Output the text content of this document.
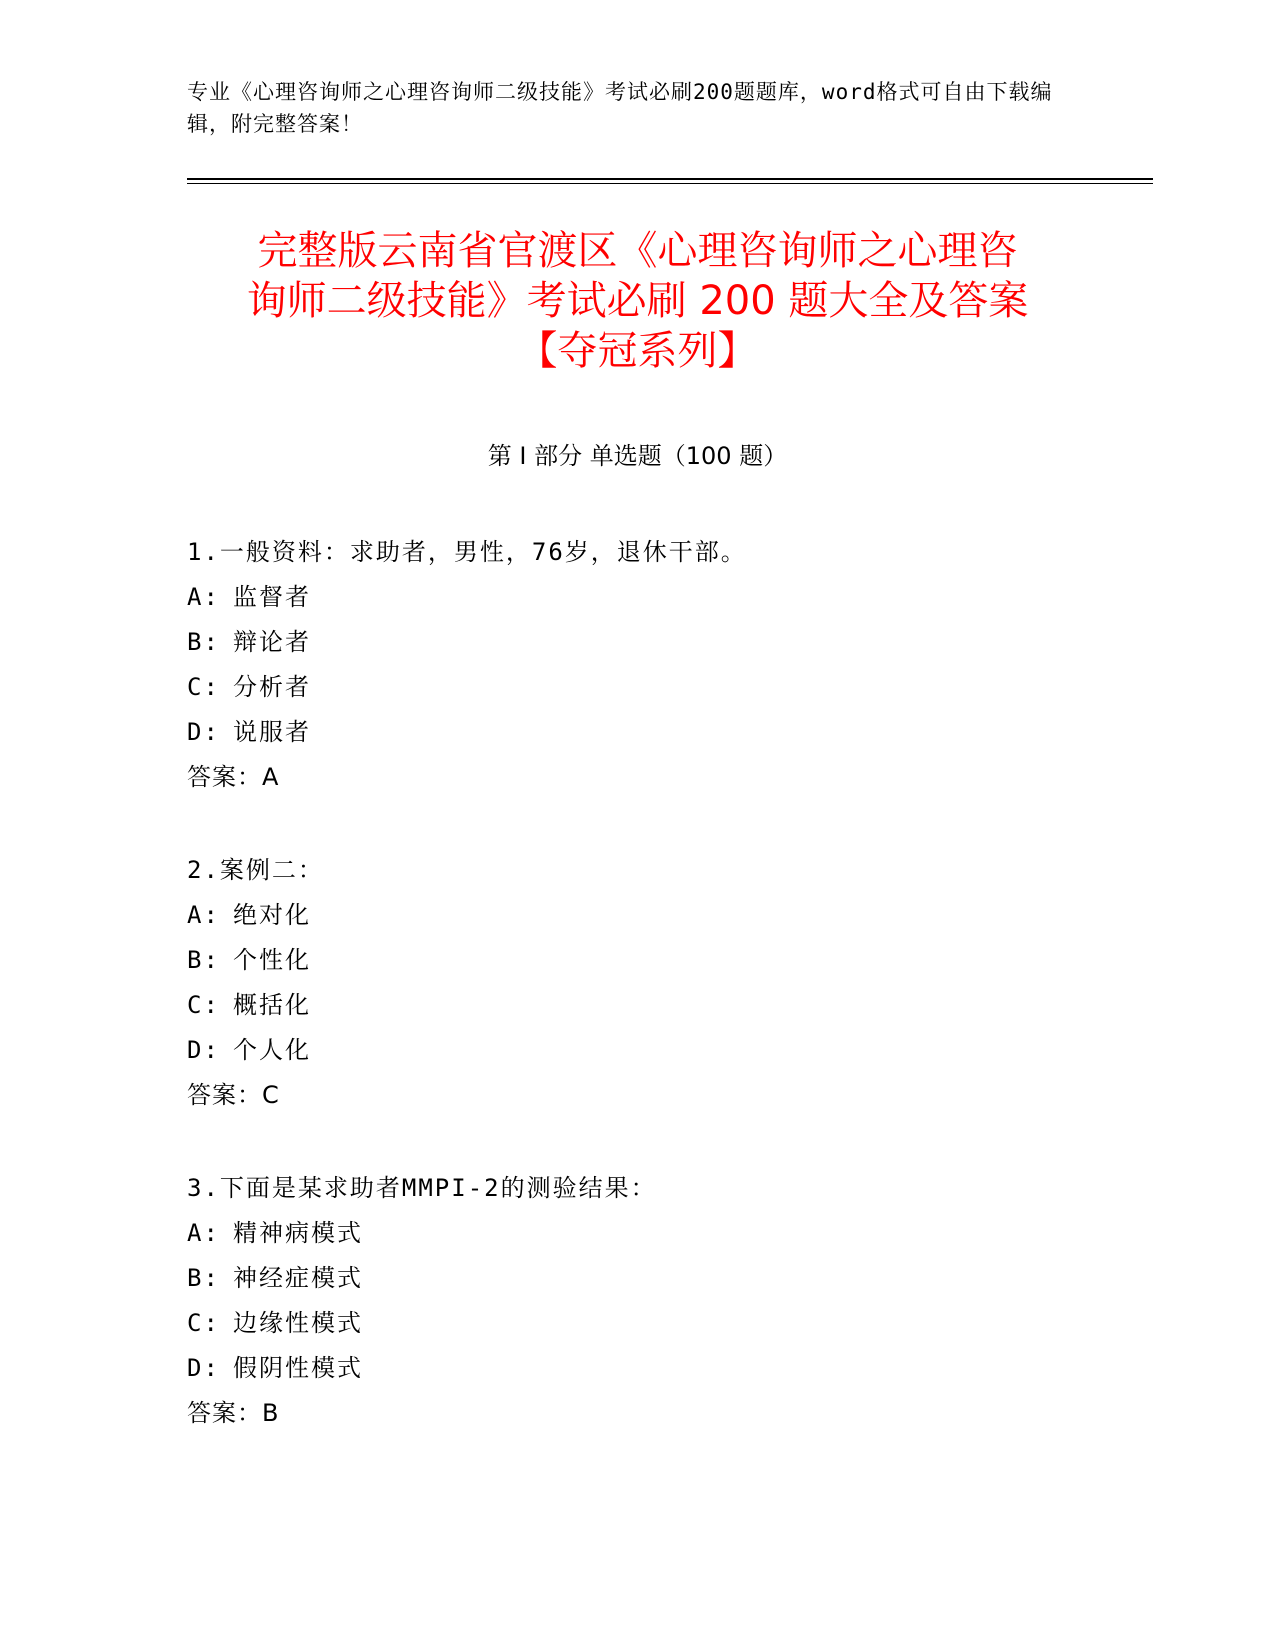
专业《心理咨询师之心理咨询师二级技能》考试必刷200题题库，word格式可自由下载编辑，附完整答案！
完整版云南省官渡区《心理咨询师之心理咨
询师二级技能》考试必刷 200 题大全及答案
【夺冠系列】
第 I 部分 单选题（100 题）
1.一般资料：求助者，男性，76岁，退休干部。
A: 监督者
B: 辩论者
C: 分析者
D: 说服者
答案：A
2.案例二：
A: 绝对化
B: 个性化
C: 概括化
D: 个人化
答案：C
3.下面是某求助者MMPI-2的测验结果：
A: 精神病模式
B: 神经症模式
C: 边缘性模式
D: 假阴性模式
答案：B
